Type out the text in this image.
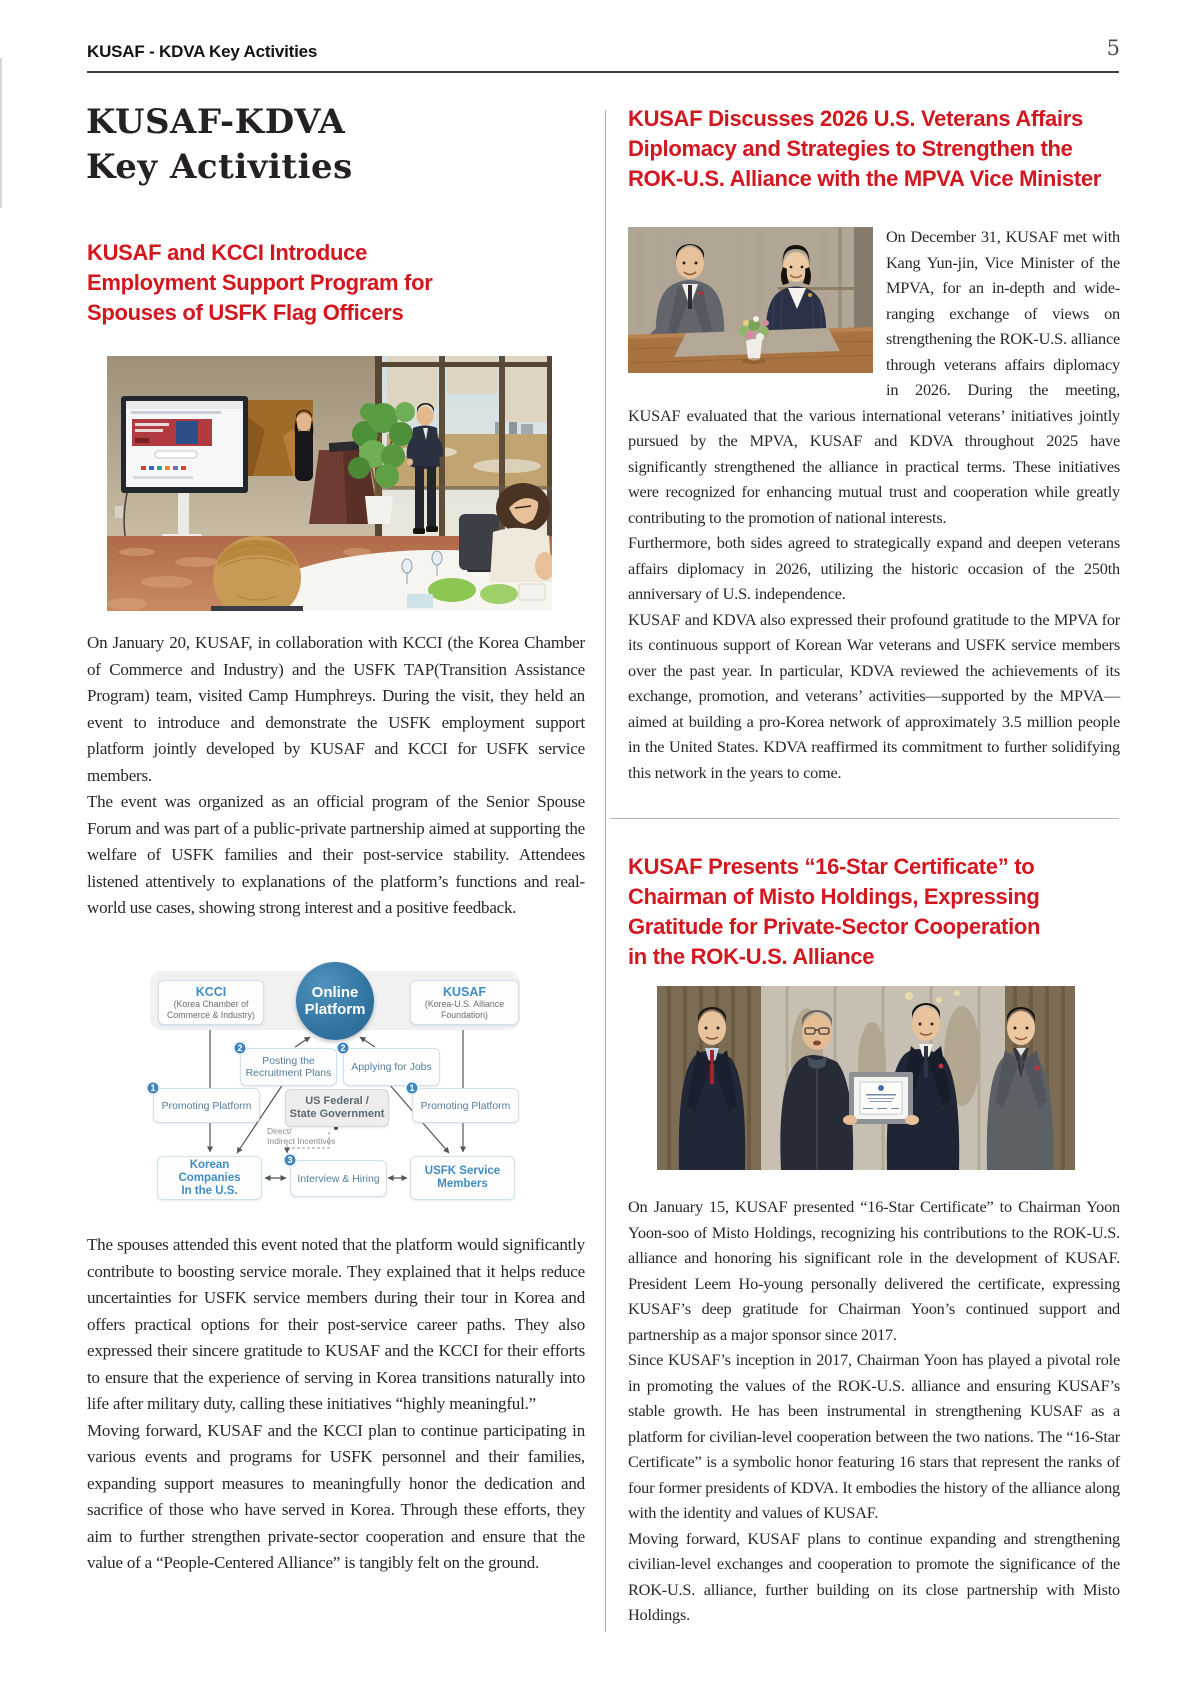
KUSAF - KDVA Key Activities	5
KUSAF-KDVA
Key Activities
KUSAF and KCCI Introduce
Employment Support Program for
Spouses of USFK Flag Officers

On January 20, KUSAF, in collaboration with KCCI (the Korea Chamber of Commerce and Industry) and the USFK TAP(Transition Assistance Program) team, visited Camp Humphreys. During the visit, they held an event to introduce and demonstrate the USFK employment support platform jointly developed by KUSAF and KCCI for USFK service members.

The event was organized as an official program of the Senior Spouse Forum and was part of a public-private partnership aimed at supporting the welfare of USFK families and their post-service stability. Attendees listened attentively to explanations of the platform’s functions and real-world use cases, showing strong interest and a positive feedback.

KCCI
(Korea Chamber of
Commerce & Industry)
Online
Platform
KUSAF
(Korea-U.S. Alliance
Foundation)
Posting the
Recruitment Plans
2
Applying for Jobs
2
Promoting Platform
1
US Federal /
State Government
Promoting Platform
1
Direct/
Indirect Incentives
Korean Companies
In the U.S.
Interview & Hiring
3
USFK Service
Members

The spouses attended this event noted that the platform would significantly contribute to boosting service morale. They explained that it helps reduce uncertainties for USFK service members during their tour in Korea and offers practical options for their post-service career paths. They also expressed their sincere gratitude to KUSAF and the KCCI for their efforts to ensure that the experience of serving in Korea transitions naturally into life after military duty, calling these initiatives “highly meaningful.”

Moving forward, KUSAF and the KCCI plan to continue participating in various events and programs for USFK personnel and their families, expanding support measures to meaningfully honor the dedication and sacrifice of those who have served in Korea. Through these efforts, they aim to further strengthen private-sector cooperation and ensure that the value of a “People-Centered Alliance” is tangibly felt on the ground.

KUSAF Discusses 2026 U.S. Veterans Affairs
Diplomacy and Strategies to Strengthen the
ROK-U.S. Alliance with the MPVA Vice Minister

On December 31, KUSAF met with Kang Yun-jin, Vice Minister of the MPVA, for an in-depth and wide-ranging exchange of views on strengthening the ROK-U.S. alliance through veterans affairs diplomacy in 2026. During the meeting, KUSAF evaluated that the various international veterans’ initiatives jointly pursued by the MPVA, KUSAF and KDVA throughout 2025 have significantly strengthened the alliance in practical terms. These initiatives were recognized for enhancing mutual trust and cooperation while greatly contributing to the promotion of national interests.

Furthermore, both sides agreed to strategically expand and deepen veterans affairs diplomacy in 2026, utilizing the historic occasion of the 250th anniversary of U.S. independence.

KUSAF and KDVA also expressed their profound gratitude to the MPVA for its continuous support of Korean War veterans and USFK service members over the past year. In particular, KDVA reviewed the achievements of its exchange, promotion, and veterans’ activities—supported by the MPVA—aimed at building a pro-Korea network of approximately 3.5 million people in the United States. KDVA reaffirmed its commitment to further solidifying this network in the years to come.

KUSAF Presents “16-Star Certificate” to
Chairman of Misto Holdings, Expressing
Gratitude for Private-Sector Cooperation
in the ROK-U.S. Alliance

On January 15, KUSAF presented “16-Star Certificate” to Chairman Yoon Yoon-soo of Misto Holdings, recognizing his contributions to the ROK-U.S. alliance and honoring his significant role in the development of KUSAF. President Leem Ho-young personally delivered the certificate, expressing KUSAF’s deep gratitude for Chairman Yoon’s continued support and partnership as a major sponsor since 2017.

Since KUSAF’s inception in 2017, Chairman Yoon has played a pivotal role in promoting the values of the ROK-U.S. alliance and ensuring KUSAF’s stable growth. He has been instrumental in strengthening KUSAF as a platform for civilian-level cooperation between the two nations. The “16-Star Certificate” is a symbolic honor featuring 16 stars that represent the ranks of four former presidents of KDVA. It embodies the history of the alliance along with the identity and values of KUSAF.

Moving forward, KUSAF plans to continue expanding and strengthening civilian-level exchanges and cooperation to promote the significance of the ROK-U.S. alliance, further building on its close partnership with Misto Holdings.
